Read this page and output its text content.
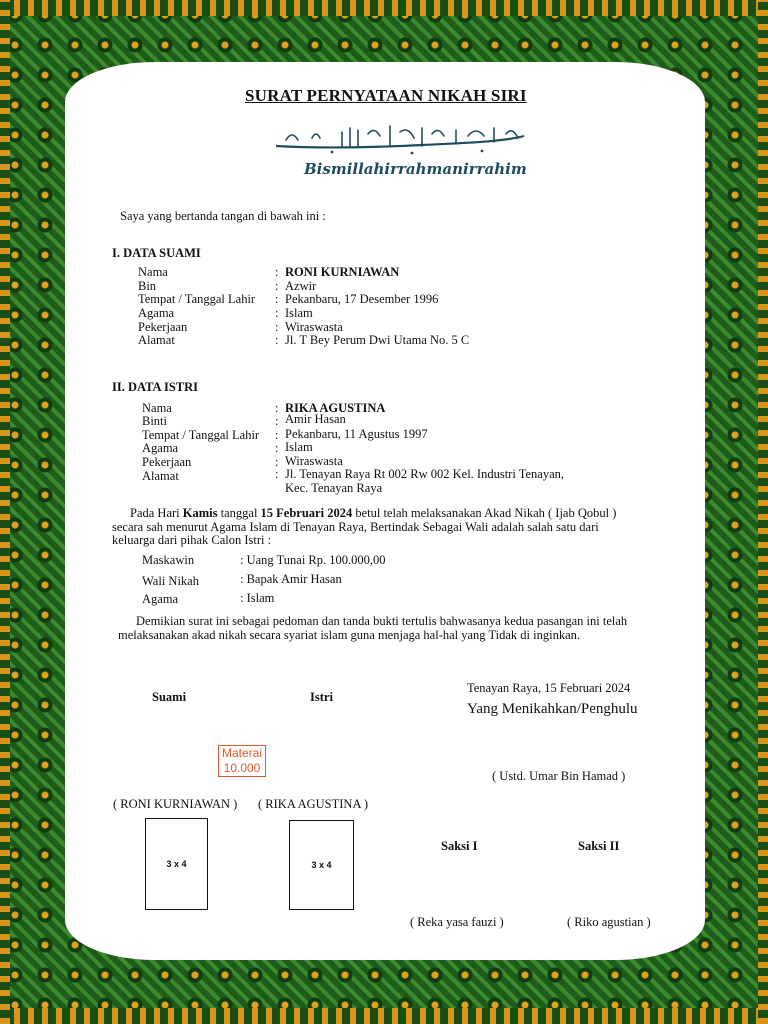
SURAT PERNYATAAN NIKAH SIRI
Bismillahirrahmanirrahim
Saya yang bertanda tangan di bawah ini :
I. DATA SUAMI
Nama	: RONI KURNIAWAN
Bin	: Azwir
Tempat / Tanggal Lahir : Pekanbaru, 17 Desember 1996
Agama	: Islam
Pekerjaan	: Wiraswasta
Alamat	: Jl. T Bey Perum Dwi Utama No. 5 C
II. DATA ISTRI
Nama	: RIKA AGUSTINA
Binti	: Amir Hasan
Tempat / Tanggal Lahir : Pekanbaru, 11 Agustus 1997
Agama	: Islam
Pekerjaan	: Wiraswasta
Alamat	: Jl. Tenayan Raya Rt 002 Rw 002 Kel. Industri Tenayan,
Kec. Tenayan Raya
Pada Hari Kamis tanggal 15 Februari 2024 betul telah melaksanakan Akad Nikah ( Ijab Qobul )
secara sah menurut Agama Islam di Tenayan Raya, Bertindak Sebagai Wali adalah salah satu dari
keluarga dari pihak Calon Istri :
Maskawin	: Uang Tunai Rp. 100.000,00
Wali Nikah	: Bapak Amir Hasan
Agama	: Islam
Demikian surat ini sebagai pedoman dan tanda bukti tertulis bahwasanya kedua pasangan ini telah
melaksanakan akad nikah secara syariat islam guna menjaga hal-hal yang Tidak di inginkan.
Tenayan Raya, 15 Februari 2024
Suami	Istri
Yang Menikahkan/Penghulu
Materai
10.000
( Ustd. Umar Bin Hamad )
( RONI KURNIAWAN ) ( RIKA AGUSTINA )
3 x 4	3 x 4
Saksi I	Saksi II
( Reka yasa fauzi )	( Riko agustian )
